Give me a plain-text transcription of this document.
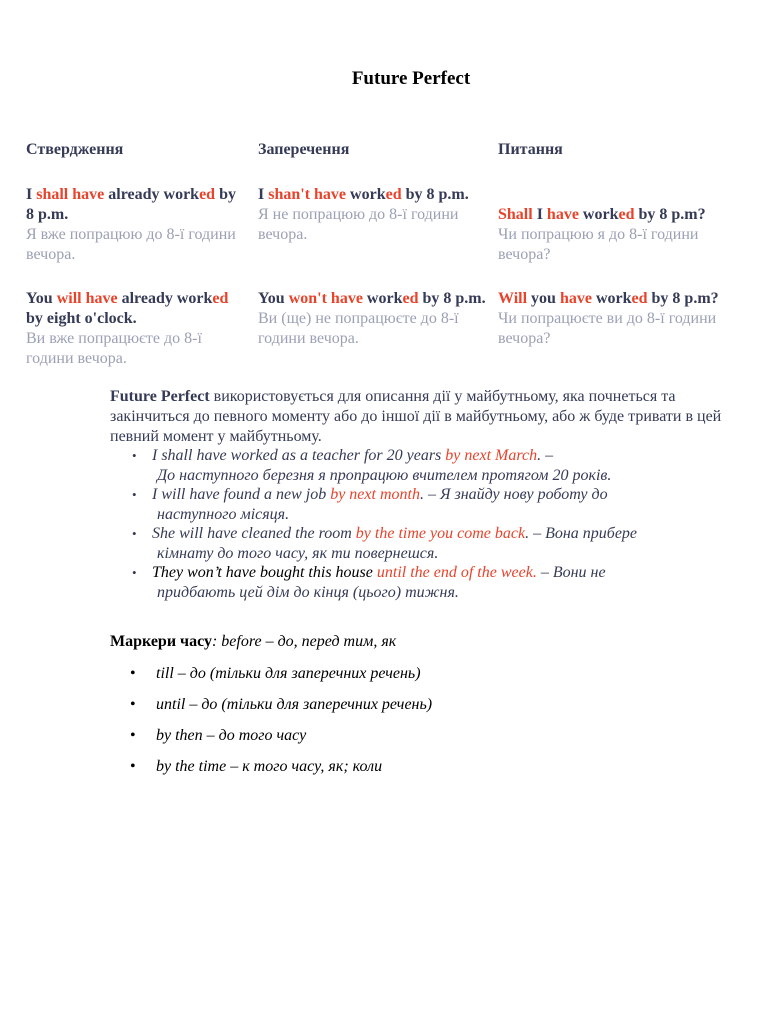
Future Perfect
Ствердження	Заперечення	Питання
I shall have already worked by 8 p.m.
Я вже попрацюю до 8-ї години вечора.
I shan't have worked by 8 p.m.
Я не попрацюю до 8-ї години вечора.
Shall I have worked by 8 p.m?
Чи попрацюю я до 8-ї години вечора?
You will have already worked by eight o'clock.
Ви вже попрацюєте до 8-ї години вечора.
You won't have worked by 8 p.m.
Ви (ще) не попрацюєте до 8-ї години вечора.
Will you have worked by 8 p.m?
Чи попрацюєте ви до 8-ї години вечора?
Future Perfect використовується для описання дії у майбутньому, яка почнеться та закінчиться до певного моменту або до іншої дії в майбутньому, або ж буде тривати в цей певний момент у майбутньому.
• I shall have worked as a teacher for 20 years by next March. –
До наступного березня я пропрацюю вчителем протягом 20 років.
• I will have found a new job by next month. – Я знайду нову роботу до
наступного місяця.
• She will have cleaned the room by the time you come back. – Вона прибере
кімнату до того часу, як ти повернешся.
• They won’t have bought this house until the end of the week. – Вони не
придбають цей дім до кінця (цього) тижня.
Маркери часу: before – до, перед тим, як
• till – до (тільки для заперечних речень)
• until – до (тільки для заперечних речень)
• by then – до того часу
• by the time – к того часу, як; коли
